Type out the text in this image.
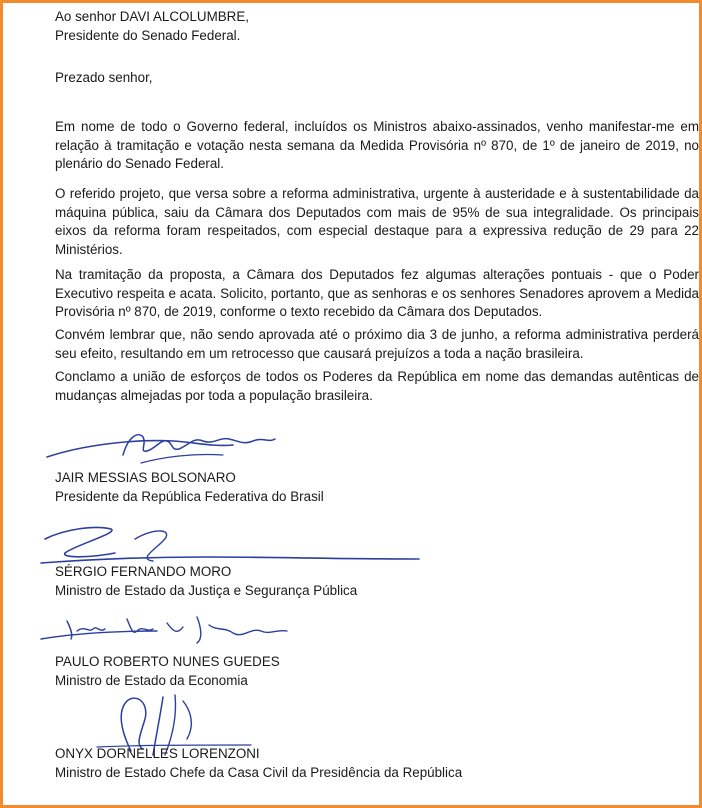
Ao senhor DAVI ALCOLUMBRE,
Presidente do Senado Federal.

Prezado senhor,

Em nome de todo o Governo federal, incluídos os Ministros abaixo-assinados, venho manifestar-me em relação à tramitação e votação nesta semana da Medida Provisória nº 870, de 1º de janeiro de 2019, no plenário do Senado Federal.

O referido projeto, que versa sobre a reforma administrativa, urgente à austeridade e à sustentabilidade da máquina pública, saiu da Câmara dos Deputados com mais de 95% de sua integralidade. Os principais eixos da reforma foram respeitados, com especial destaque para a expressiva redução de 29 para 22 Ministérios.

Na tramitação da proposta, a Câmara dos Deputados fez algumas alterações pontuais - que o Poder Executivo respeita e acata. Solicito, portanto, que as senhoras e os senhores Senadores aprovem a Medida Provisória nº 870, de 2019, conforme o texto recebido da Câmara dos Deputados.

Convém lembrar que, não sendo aprovada até o próximo dia 3 de junho, a reforma administrativa perderá seu efeito, resultando em um retrocesso que causará prejuízos a toda a nação brasileira.

Conclamo a união de esforços de todos os Poderes da República em nome das demandas autênticas de mudanças almejadas por toda a população brasileira.

JAIR MESSIAS BOLSONARO
Presidente da República Federativa do Brasil
SÉRGIO FERNANDO MORO
Ministro de Estado da Justiça e Segurança Pública
PAULO ROBERTO NUNES GUEDES
Ministro de Estado da Economia
ONYX DORNELLES LORENZONI
Ministro de Estado Chefe da Casa Civil da Presidência da República
